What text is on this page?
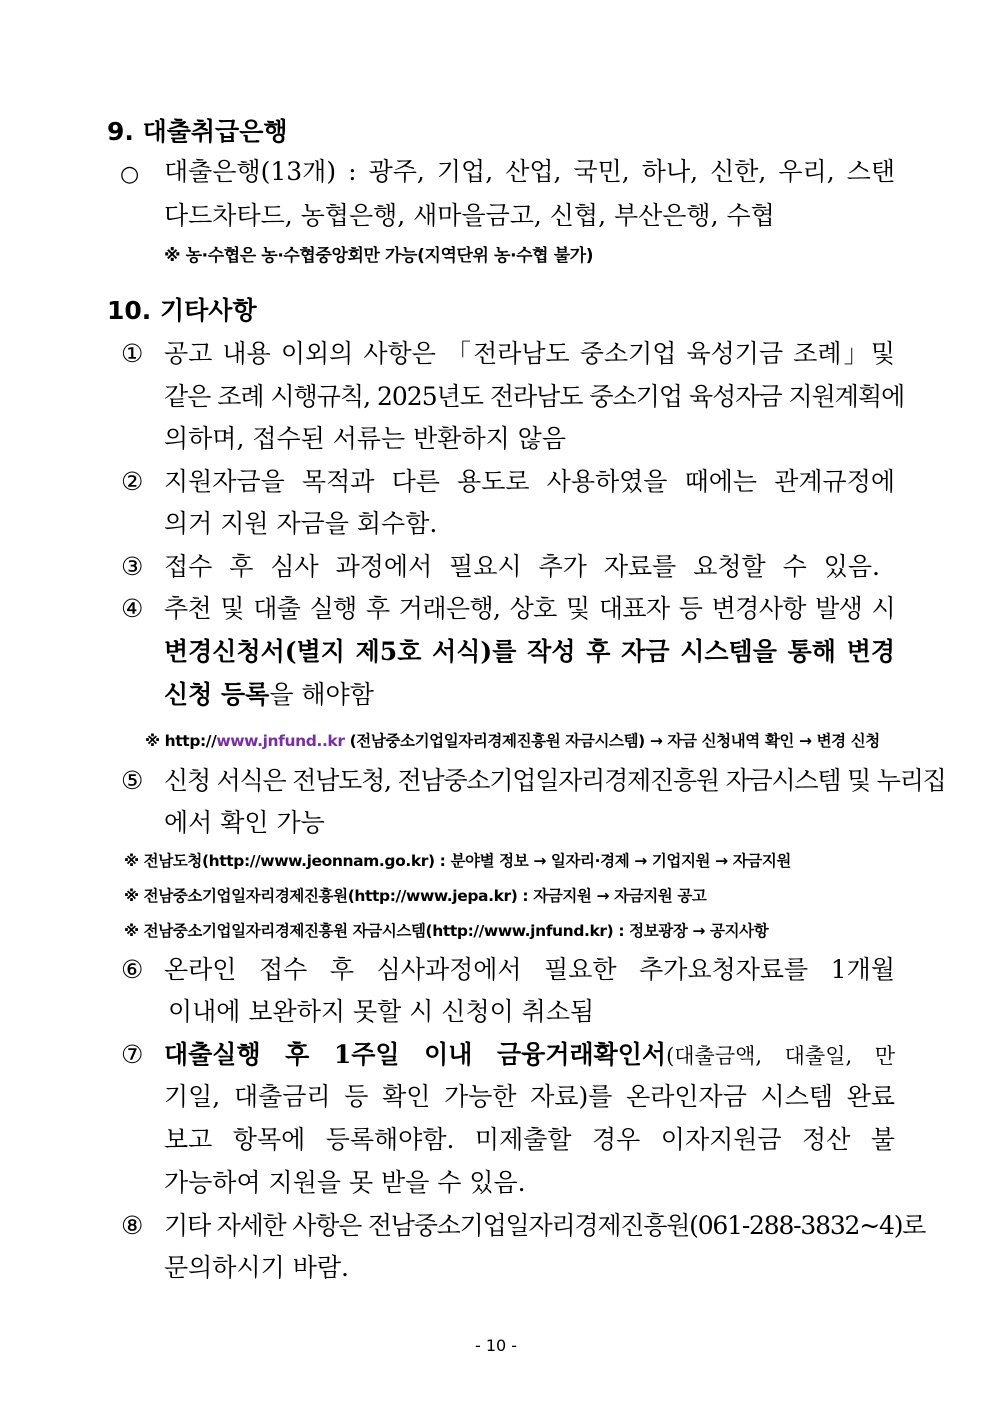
9. 대출취급은행
○ 대출은행(13개) : 광주, 기업, 산업, 국민, 하나, 신한, 우리, 스탠
다드차타드, 농협은행, 새마을금고, 신협, 부산은행, 수협
※ 농·수협은 농·수협중앙회만 가능(지역단위 농·수협 불가)
10. 기타사항
① 공고 내용 이외의 사항은 「전라남도 중소기업 육성기금 조례」및
같은 조례 시행규칙, 2025년도 전라남도 중소기업 육성자금 지원계획에
의하며, 접수된 서류는 반환하지 않음
② 지원자금을 목적과 다른 용도로 사용하였을 때에는 관계규정에
의거 지원 자금을 회수함.
③ 접수 후 심사 과정에서 필요시 추가 자료를 요청할 수 있음.
④ 추천 및 대출 실행 후 거래은행, 상호 및 대표자 등 변경사항 발생 시
변경신청서(별지 제5호 서식)를 작성 후 자금 시스템을 통해 변경
신청 등록을 해야함
※ http://www.jnfund..kr (전남중소기업일자리경제진흥원 자금시스템) → 자금 신청내역 확인 → 변경 신청
⑤ 신청 서식은 전남도청, 전남중소기업일자리경제진흥원 자금시스템 및 누리집
에서 확인 가능
※ 전남도청(http://www.jeonnam.go.kr) : 분야별 정보 → 일자리·경제 → 기업지원 → 자금지원
※ 전남중소기업일자리경제진흥원(http://www.jepa.kr) : 자금지원 → 자금지원 공고
※ 전남중소기업일자리경제진흥원 자금시스템(http://www.jnfund.kr) : 정보광장 → 공지사항
⑥ 온라인 접수 후 심사과정에서 필요한 추가요청자료를 1개월
이내에 보완하지 못할 시 신청이 취소됨
⑦ 대출실행 후 1주일 이내 금융거래확인서(대출금액, 대출일, 만
기일, 대출금리 등 확인 가능한 자료)를 온라인자금 시스템 완료
보고 항목에 등록해야함. 미제출할 경우 이자지원금 정산 불
가능하여 지원을 못 받을 수 있음.
⑧ 기타 자세한 사항은 전남중소기업일자리경제진흥원(061-288-3832~4)로
문의하시기 바람.
- 10 -
